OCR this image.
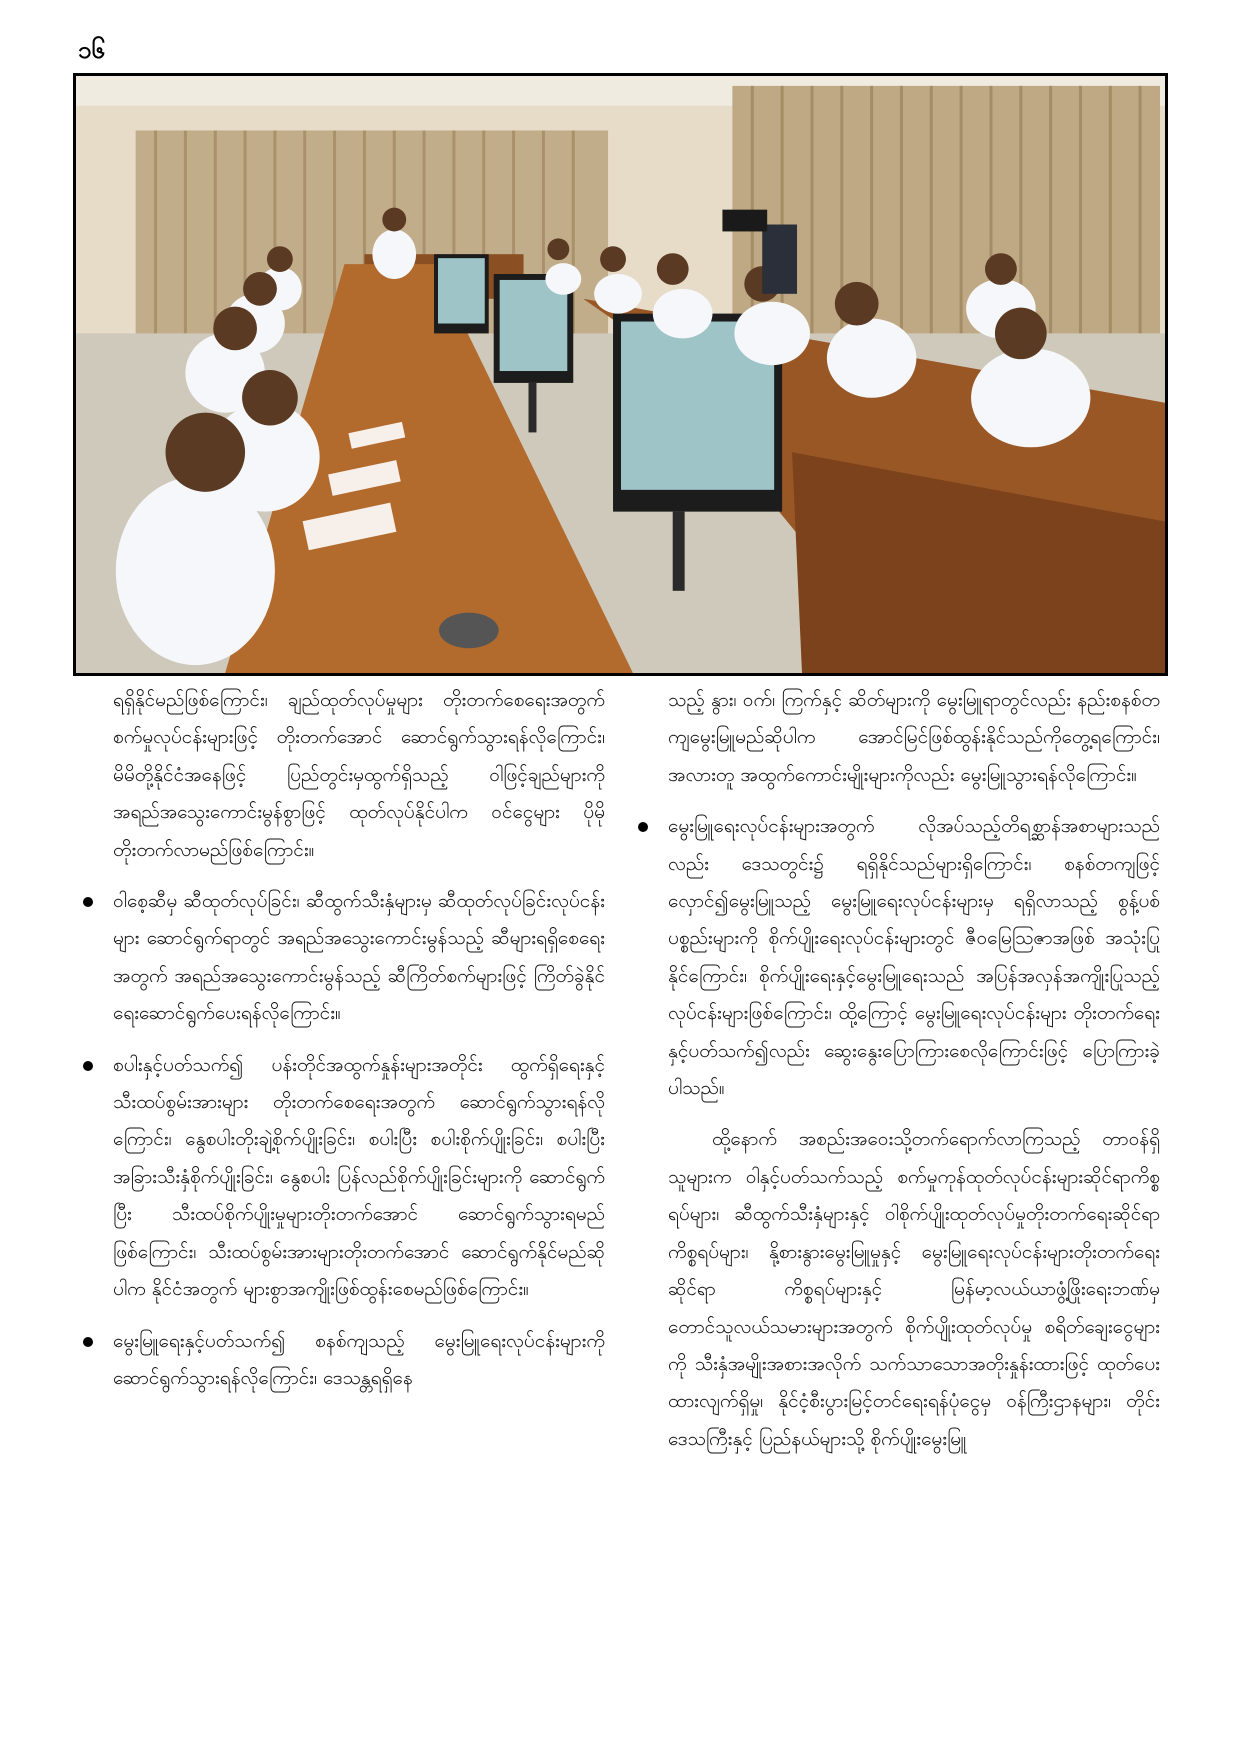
၁၆

ရရှိနိုင်မည်ဖြစ်ကြောင်း၊ ချည်ထုတ်လုပ်မှုများ တိုးတက်စေရေးအတွက် စက်မှုလုပ်ငန်းများဖြင့် တိုးတက်အောင် ဆောင်ရွက်သွားရန်လိုကြောင်း၊ မိမိတို့နိုင်ငံအနေဖြင့် ပြည်တွင်းမှထွက်ရှိသည့် ဝါဖြင့်ချည်များကို အရည်အသွေးကောင်းမွန်စွာဖြင့် ထုတ်လုပ်နိုင်ပါက ဝင်ငွေများ ပိုမိုတိုးတက်လာမည်ဖြစ်ကြောင်း။

ဝါစေ့ဆီမှ ဆီထုတ်လုပ်ခြင်း၊ ဆီထွက်သီးနှံများမှ ဆီထုတ်လုပ်ခြင်းလုပ်ငန်းများ ဆောင်ရွက်ရာတွင် အရည်အသွေးကောင်းမွန်သည့် ဆီများရရှိစေရေးအတွက် အရည်အသွေးကောင်းမွန်သည့် ဆီကြိတ်စက်များဖြင့် ကြိတ်ခွဲနိုင်ရေးဆောင်ရွက်ပေးရန်လိုကြောင်း။
စပါးနှင့်ပတ်သက်၍ ပန်းတိုင်အထွက်နှုန်းများအတိုင်း ထွက်ရှိရေးနှင့် သီးထပ်စွမ်းအားများ တိုးတက်စေရေးအတွက် ဆောင်ရွက်သွားရန်လိုကြောင်း၊ နွေစပါးတိုးချဲ့စိုက်ပျိုးခြင်း၊ စပါးပြီး စပါးစိုက်ပျိုးခြင်း၊ စပါးပြီး အခြားသီးနှံစိုက်ပျိုးခြင်း၊ နွေစပါး ပြန်လည်စိုက်ပျိုးခြင်းများကို ဆောင်ရွက်ပြီး သီးထပ်စိုက်ပျိုးမှုများတိုးတက်အောင် ဆောင်ရွက်သွားရမည်ဖြစ်ကြောင်း၊ သီးထပ်စွမ်းအားများတိုးတက်အောင် ဆောင်ရွက်နိုင်မည်ဆိုပါက နိုင်ငံအတွက် များစွာအကျိုးဖြစ်ထွန်းစေမည်ဖြစ်ကြောင်း။
မွေးမြူရေးနှင့်ပတ်သက်၍ စနစ်ကျသည့် မွေးမြူရေးလုပ်ငန်းများကို ဆောင်ရွက်သွားရန်လိုကြောင်း၊ ဒေသန္တရရှိနေ

သည့် နွား၊ ဝက်၊ ကြက်နှင့် ဆိတ်များကို မွေးမြူရာတွင်လည်း နည်းစနစ်တကျမွေးမြူမည်ဆိုပါက အောင်မြင်ဖြစ်ထွန်းနိုင်သည်ကိုတွေ့ရကြောင်း၊ အလားတူ အထွက်ကောင်းမျိုးများကိုလည်း မွေးမြူသွားရန်လိုကြောင်း။

မွေးမြူရေးလုပ်ငန်းများအတွက် လိုအပ်သည့်တိရစ္ဆာန်အစာများသည်လည်း ဒေသတွင်း၌ ရရှိနိုင်သည်များရှိကြောင်း၊ စနစ်တကျဖြင့် လှောင်၍မွေးမြူသည့် မွေးမြူရေးလုပ်ငန်းများမှ ရရှိလာသည့် စွန့်ပစ်ပစ္စည်းများကို စိုက်ပျိုးရေးလုပ်ငန်းများတွင် ဇီဝမြေသြဇာအဖြစ် အသုံးပြုနိုင်ကြောင်း၊ စိုက်ပျိုးရေးနှင့်မွေးမြူရေးသည် အပြန်အလှန်အကျိုးပြုသည့်လုပ်ငန်းများဖြစ်ကြောင်း၊ ထို့ကြောင့် မွေးမြူရေးလုပ်ငန်းများ တိုးတက်ရေးနှင့်ပတ်သက်၍လည်း ဆွေးနွေးပြောကြားစေလိုကြောင်းဖြင့် ပြောကြားခဲ့ပါသည်။

ထို့နောက် အစည်းအဝေးသို့တက်ရောက်လာကြသည့် တာဝန်ရှိသူများက ဝါနှင့်ပတ်သက်သည့် စက်မှုကုန်ထုတ်လုပ်ငန်းများဆိုင်ရာကိစ္စရပ်များ၊ ဆီထွက်သီးနှံများနှင့် ဝါစိုက်ပျိုးထုတ်လုပ်မှုတိုးတက်ရေးဆိုင်ရာကိစ္စရပ်များ၊ နို့စားနွားမွေးမြူမှုနှင့် မွေးမြူရေးလုပ်ငန်းများတိုးတက်ရေးဆိုင်ရာ ကိစ္စရပ်များနှင့် မြန်မာ့လယ်ယာဖွံ့ဖြိုးရေးဘဏ်မှ တောင်သူလယ်သမားများအတွက် စိုက်ပျိုးထုတ်လုပ်မှု စရိတ်ချေးငွေများကို သီးနှံအမျိုးအစားအလိုက် သက်သာသောအတိုးနှုန်းထားဖြင့် ထုတ်ပေးထားလျက်ရှိမှု၊ နိုင်ငံ့စီးပွားမြင့်တင်ရေးရန်ပုံငွေမှ ဝန်ကြီးဌာနများ၊ တိုင်းဒေသကြီးနှင့် ပြည်နယ်များသို့ စိုက်ပျိုးမွေးမြူ
